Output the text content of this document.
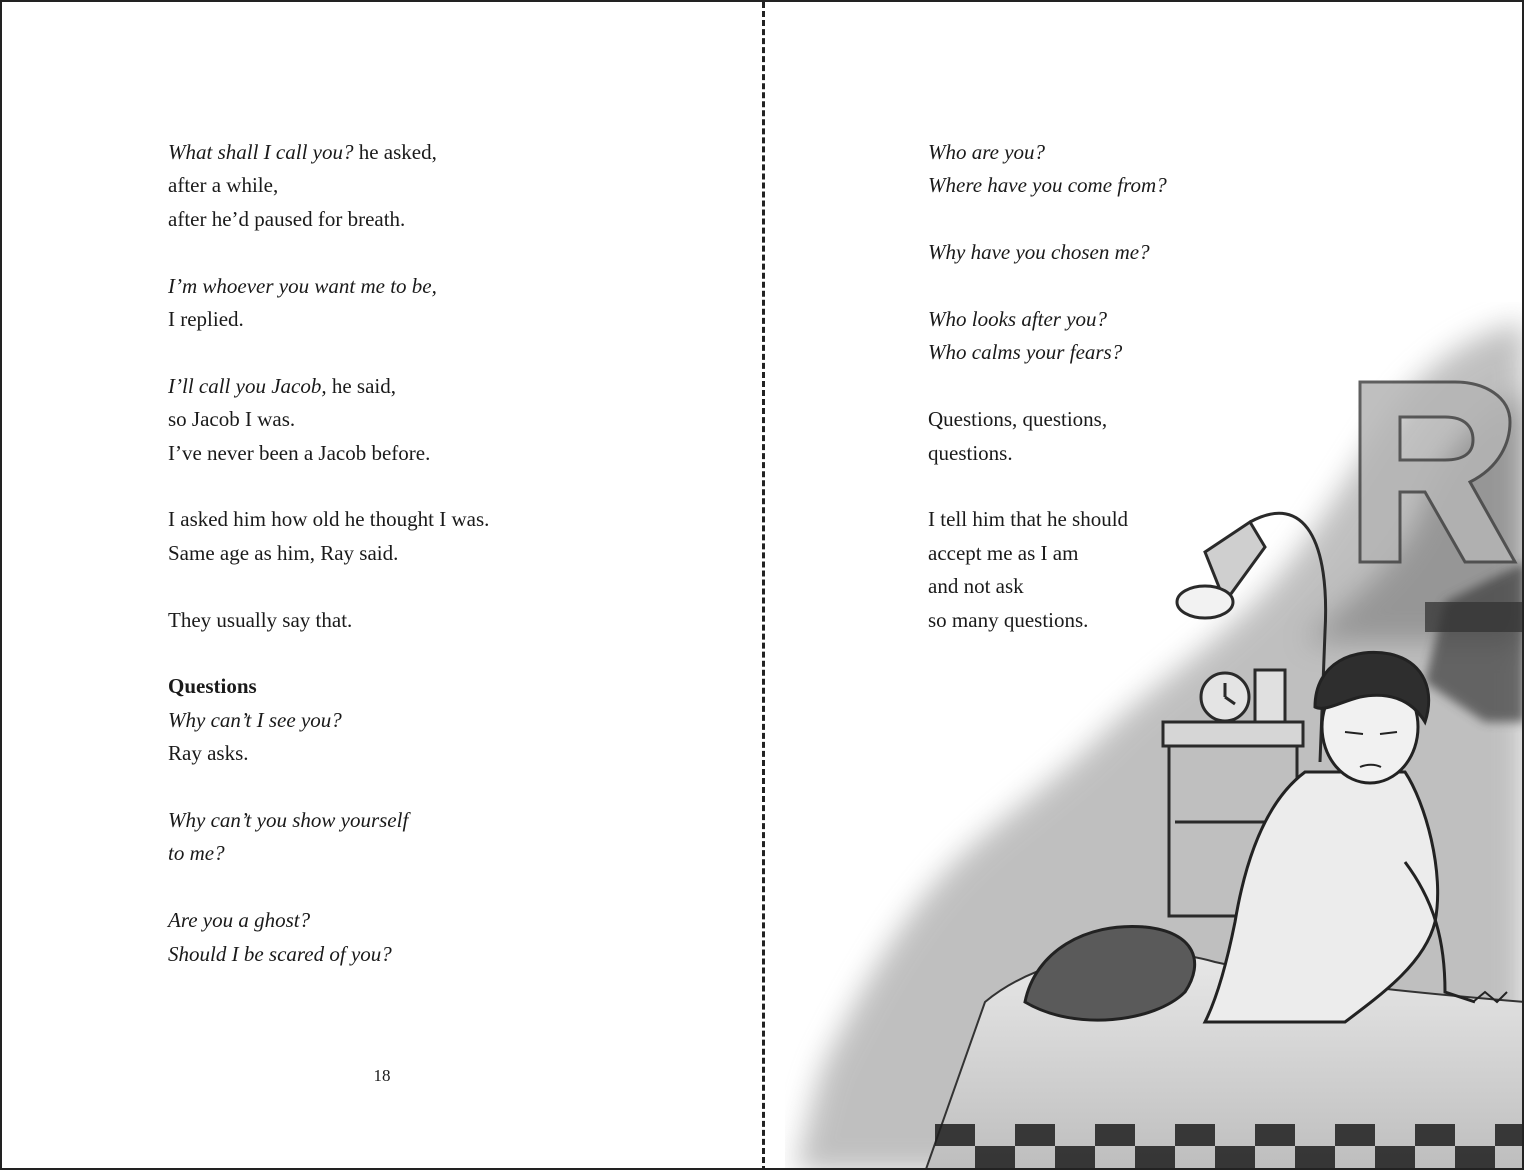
What shall I call you? he asked,
after a while,
after he’d paused for breath.
I’m whoever you want me to be,
I replied.
I’ll call you Jacob, he said,
so Jacob I was.
I’ve never been a Jacob before.
I asked him how old he thought I was.
Same age as him, Ray said.
They usually say that.
Questions
Why can’t I see you?
Ray asks.
Why can’t you show yourself
to me?
Are you a ghost?
Should I be scared of you?
18
Who are you?
Where have you come from?
Why have you chosen me?
Who looks after you?
Who calms your fears?
Questions, questions,
questions.
I tell him that he should
accept me as I am
and not ask
so many questions.
